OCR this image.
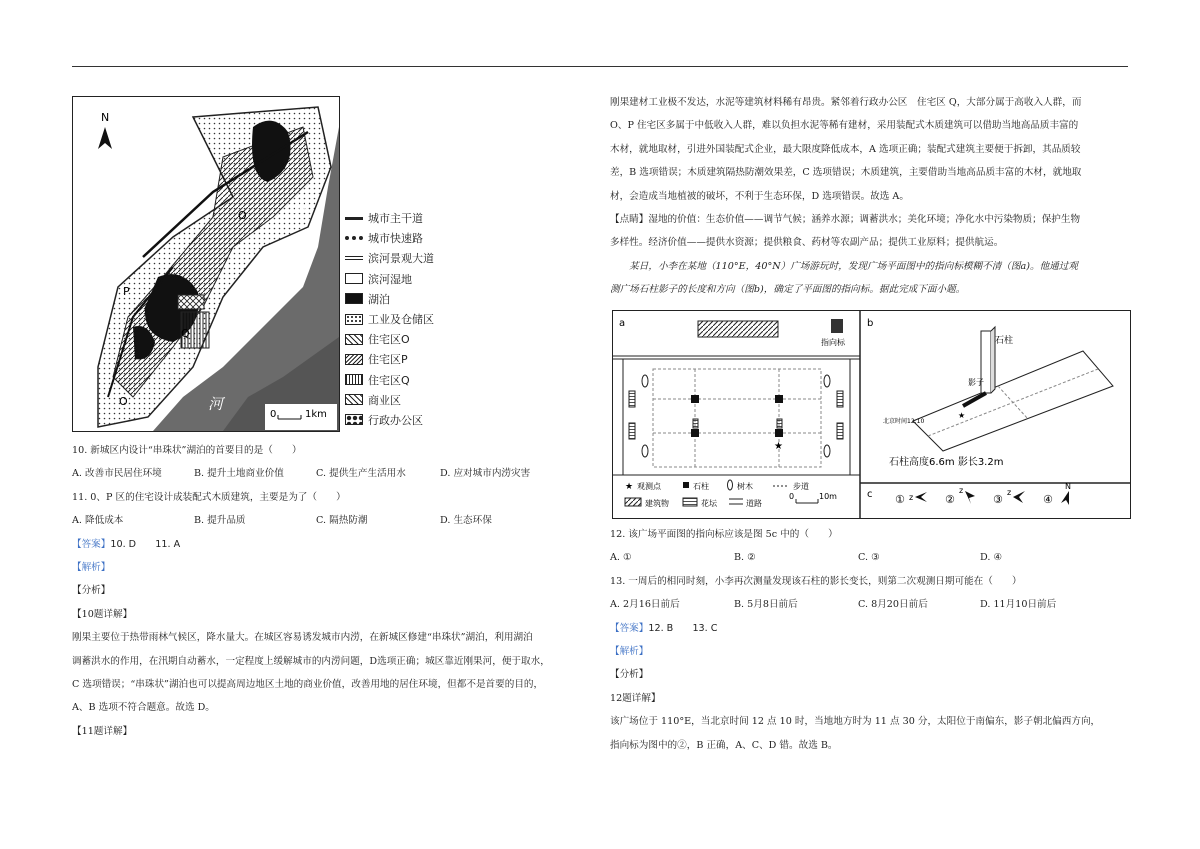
N
O
P
Q
O
刚
果
河
0	1km
城市主干道
城市快速路
滨河景观大道
滨河湿地
湖泊
工业及仓储区
住宅区O
住宅区P
住宅区Q
商业区
行政办公区

10. 新城区内设计“串珠状”湖泊的首要目的是（　　）

A. 改善市民居住环境	B. 提升土地商业价值	C. 提供生产生活用水	D. 应对城市内涝灾害

11. 0、P 区的住宅设计成装配式木质建筑，主要是为了（　　）

A. 降低成本	B. 提升品质	C. 隔热防潮	D. 生态环保

【答案】10. D　　11. A

【解析】

【分析】

【10题详解】

刚果主要位于热带雨林气候区，降水量大。在城区容易诱发城市内涝，在新城区修建“串珠状”湖泊，利用湖泊

调蓄洪水的作用，在汛期自动蓄水，一定程度上缓解城市的内涝问题，D选项正确；城区靠近刚果河，便于取水，

C 选项错误；“串珠状”湖泊也可以提高周边地区土地的商业价值，改善用地的居住环境，但都不是首要的目的，

A、B 选项不符合题意。故选 D。

【11题详解】

刚果建材工业极不发达，水泥等建筑材料稀有昂贵。紧邻着行政办公区　住宅区 Q，大部分属于高收入人群，而

O、P 住宅区多属于中低收入人群，难以负担水泥等稀有建材，采用装配式木质建筑可以借助当地高品质丰富的

木材，就地取材，引进外国装配式企业，最大限度降低成本，A 选项正确；装配式建筑主要便于拆卸，其品质较

差，B 选项错误；木质建筑隔热防潮效果差，C 选项错误；木质建筑，主要借助当地高品质丰富的木材，就地取

材，会造成当地植被的破坏，不利于生态环保，D 选项错误。故选 A。

【点睛】湿地的价值：生态价值——调节气候；涵养水源；调蓄洪水；美化环境；净化水中污染物质；保护生物

多样性。经济价值——提供水资源；提供粮食、药材等农副产品；提供工业原料；提供航运。

　　某日，小李在某地（110°E，40°N）广场游玩时，发现广场平面图中的指向标模糊不清（图a)。他通过观

测广场石柱影子的长度和方向（图b)，确定了平面图的指向标。据此完成下面小题。

a
指向标
★
★ 观测点	石柱	树木	步道
建筑物	花坛	道路
0	10m
b
石柱
影子
★
北京时间12:10
石柱高度6.6m 影长3.2m
c ① z	②
z
③
z
④
N

12. 该广场平面图的指向标应该是图 5c 中的（　　）

A. ①	B. ②	C. ③	D. ④

13. 一周后的相同时刻，小李再次测量发现该石柱的影长变长，则第二次观测日期可能在（　　）

A. 2月16日前后	B. 5月8日前后	C. 8月20日前后	D. 11月10日前后

【答案】12. B　　13. C

【解析】

【分析】

12题详解】

该广场位于 110°E，当北京时间 12 点 10 时，当地地方时为 11 点 30 分，太阳位于南偏东，影子朝北偏西方向，

指向标为图中的②，B 正确，A、C、D 错。故选 B。
